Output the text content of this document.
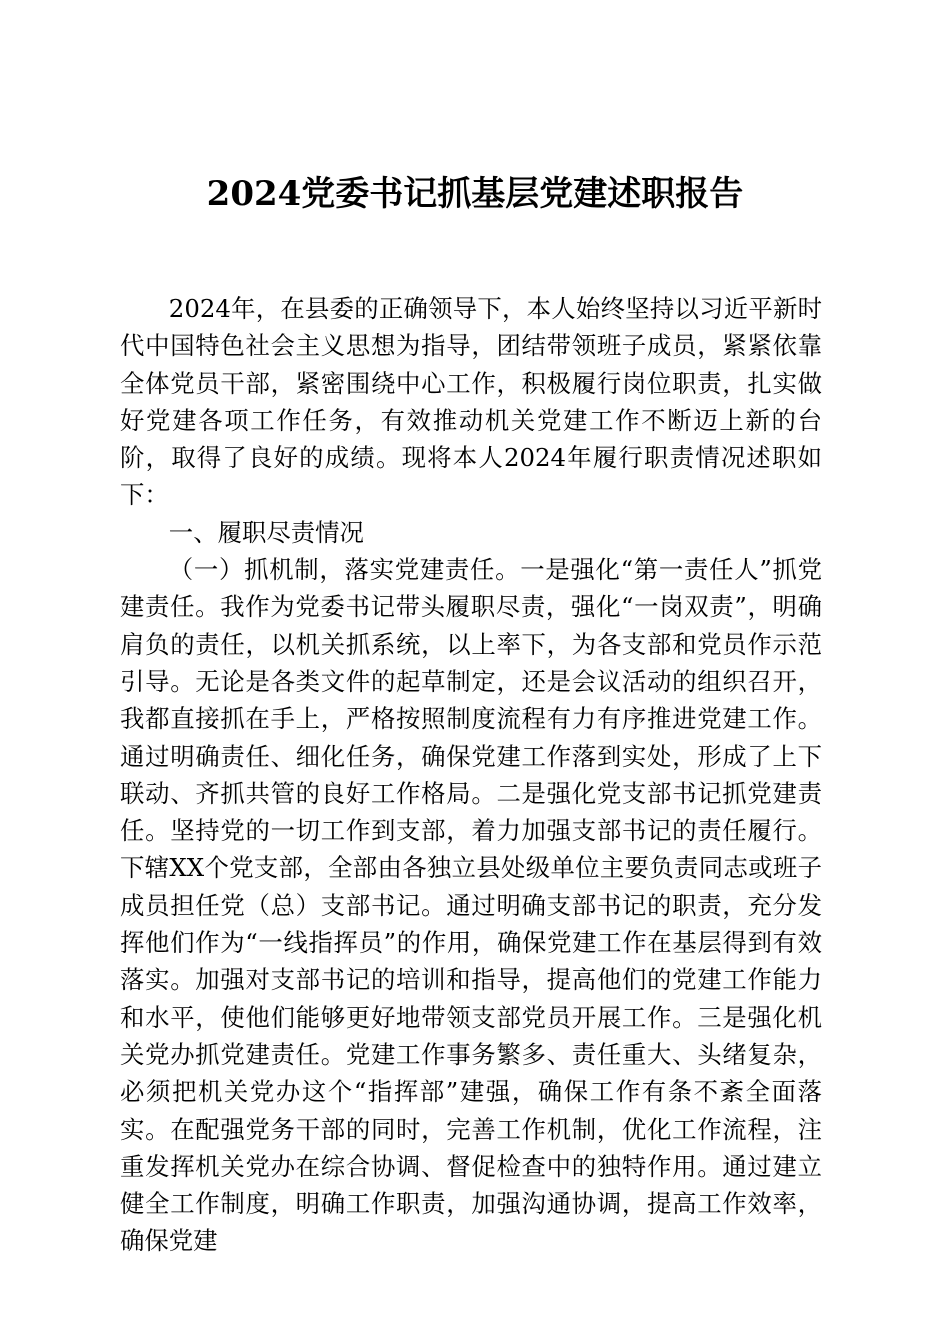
2024党委书记抓基层党建述职报告

2024年，在县委的正确领导下，本人始终坚持以习近平新时代中国特色社会主义思想为指导，团结带领班子成员，紧紧依靠全体党员干部，紧密围绕中心工作，积极履行岗位职责，扎实做好党建各项工作任务，有效推动机关党建工作不断迈上新的台阶，取得了良好的成绩。现将本人2024年履行职责情况述职如下：

一、履职尽责情况

（一）抓机制，落实党建责任。一是强化“第一责任人”抓党建责任。我作为党委书记带头履职尽责，强化“一岗双责”，明确肩负的责任，以机关抓系统，以上率下，为各支部和党员作示范引导。无论是各类文件的起草制定，还是会议活动的组织召开，我都直接抓在手上，严格按照制度流程有力有序推进党建工作。通过明确责任、细化任务，确保党建工作落到实处，形成了上下联动、齐抓共管的良好工作格局。二是强化党支部书记抓党建责任。坚持党的一切工作到支部，着力加强支部书记的责任履行。下辖XX个党支部，全部由各独立县处级单位主要负责同志或班子成员担任党（总）支部书记。通过明确支部书记的职责，充分发挥他们作为“一线指挥员”的作用，确保党建工作在基层得到有效落实。加强对支部书记的培训和指导，提高他们的党建工作能力和水平，使他们能够更好地带领支部党员开展工作。三是强化机关党办抓党建责任。党建工作事务繁多、责任重大、头绪复杂，必须把机关党办这个“指挥部”建强，确保工作有条不紊全面落实。在配强党务干部的同时，完善工作机制，优化工作流程，注重发挥机关党办在综合协调、督促检查中的独特作用。通过建立健全工作制度，明确工作职责，加强沟通协调，提高工作效率，确保党建
